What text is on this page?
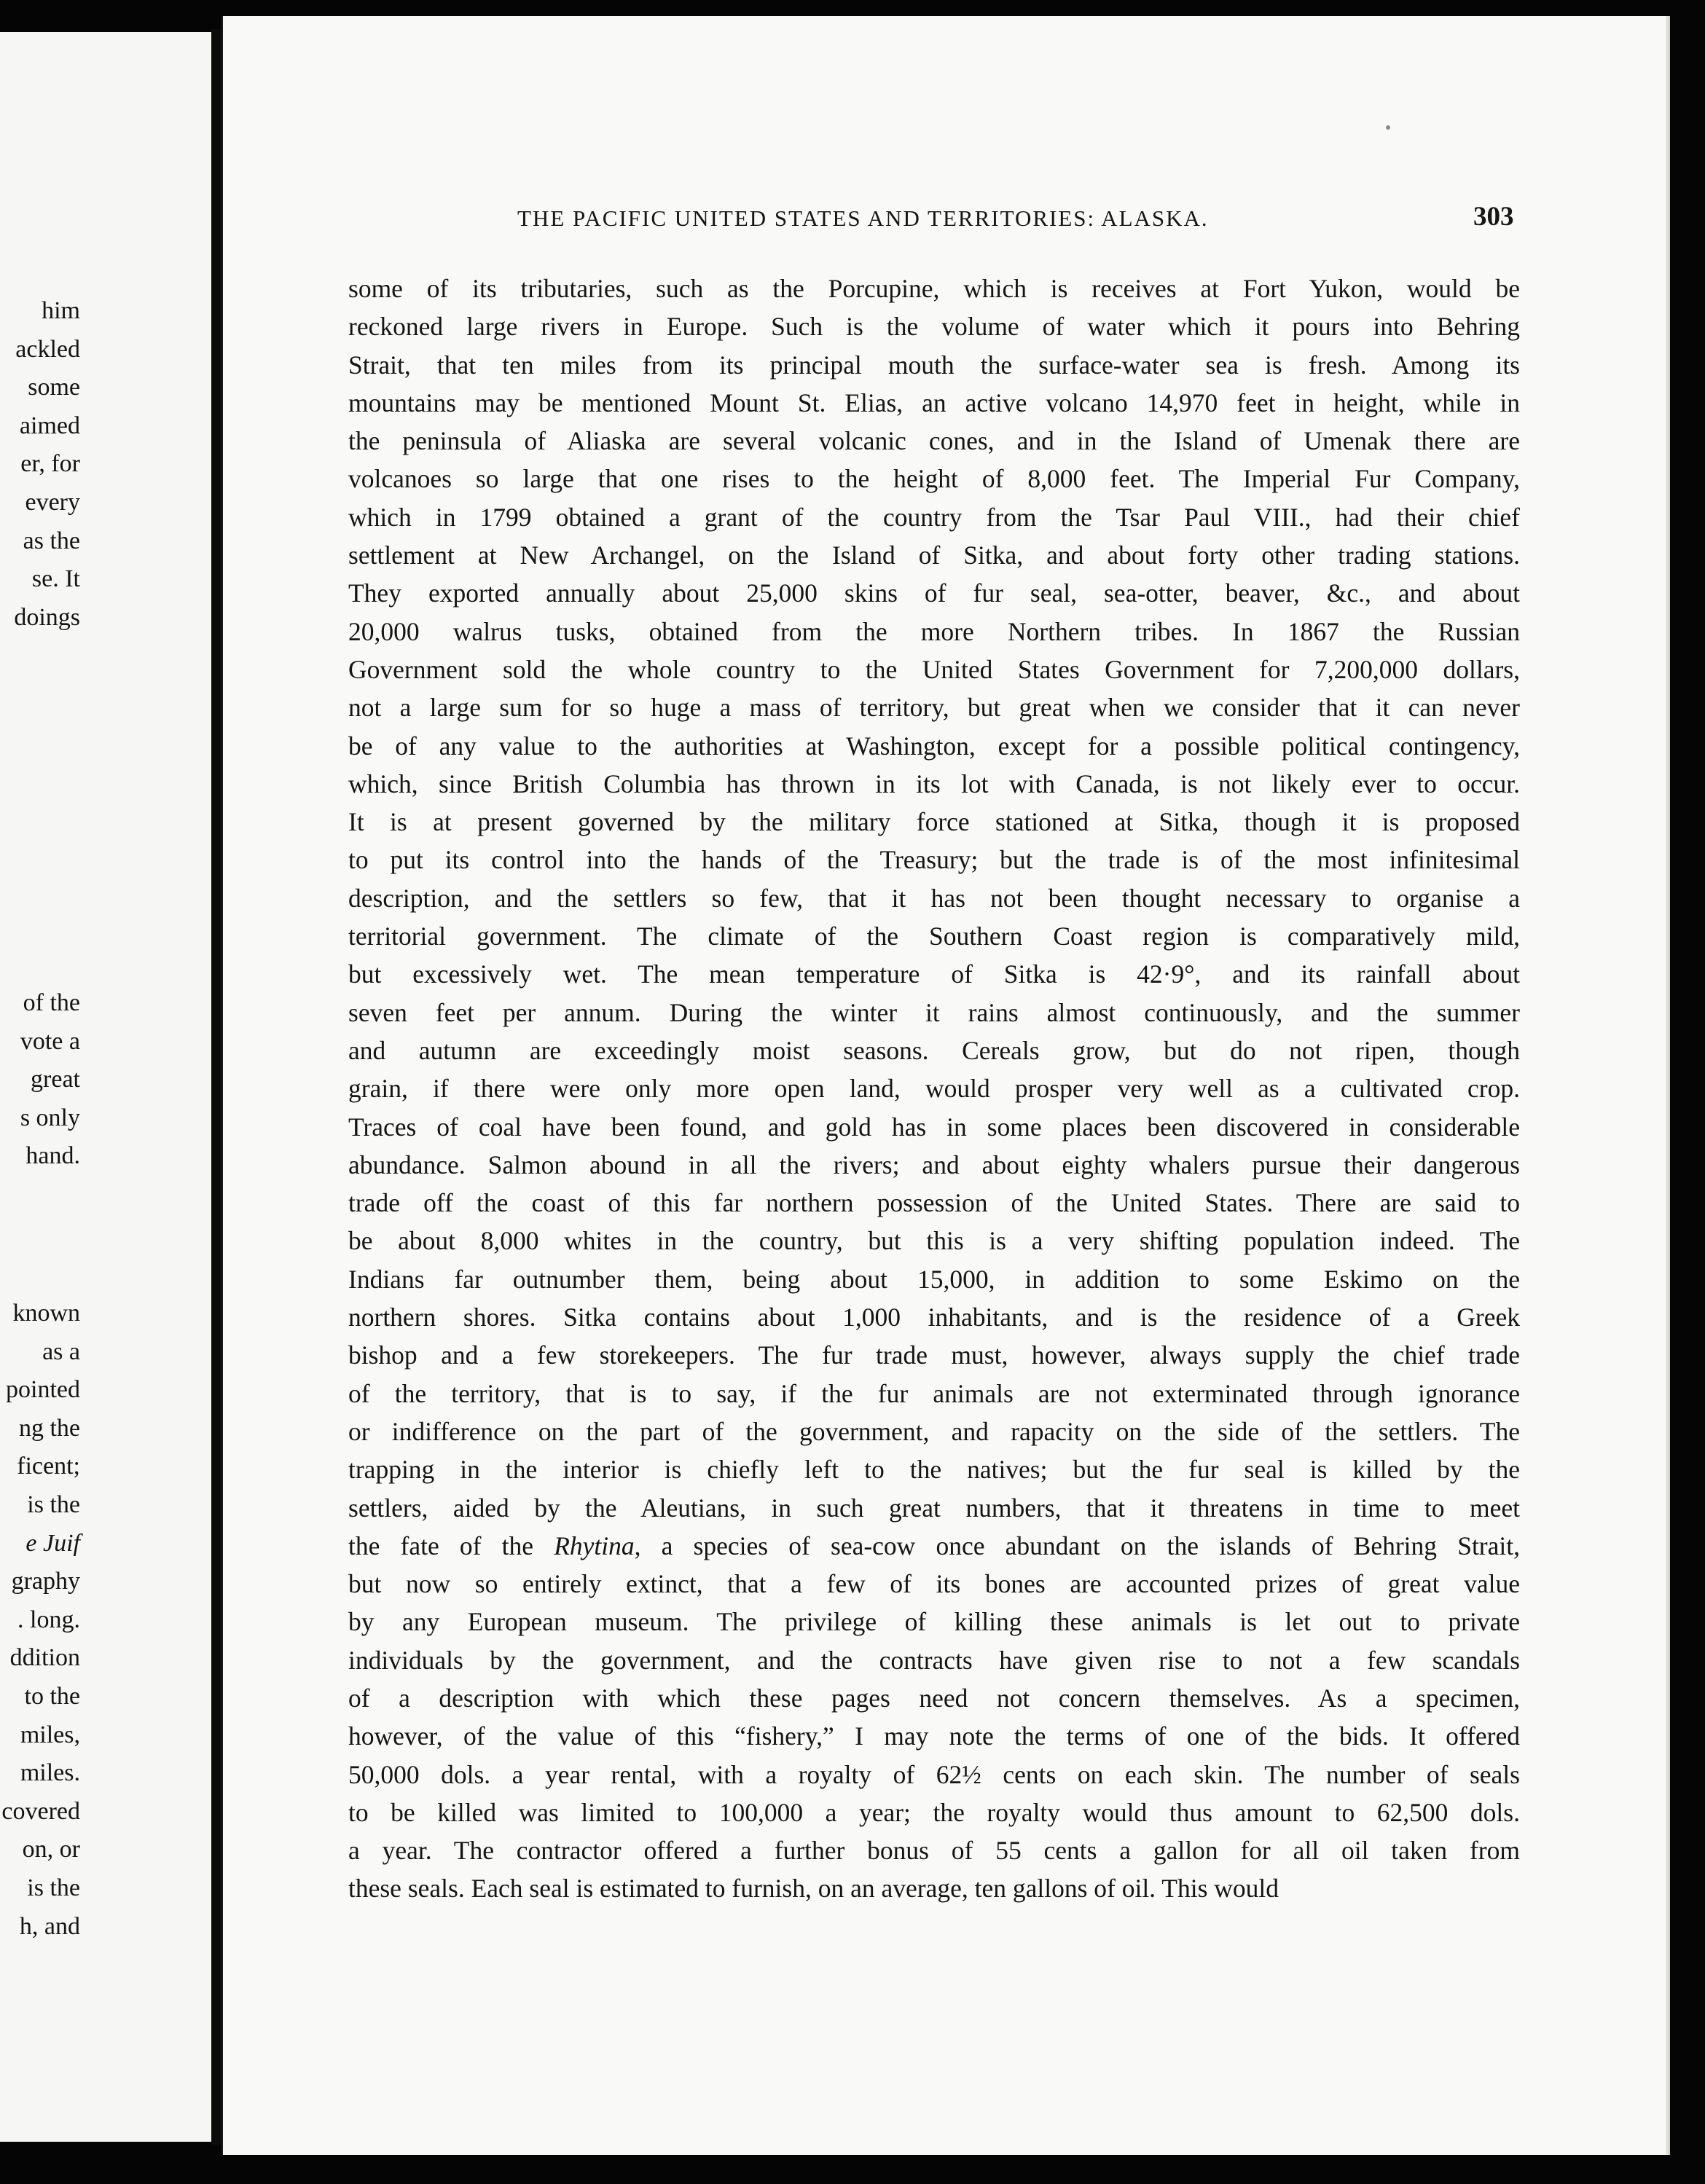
him
ackled
some
aimed
er, for
every
as the
se. It
doings
of the
vote a
great
s only
hand.
known
as a
pointed
ng the
ficent;
is the
e Juif
graphy
. long.
ddition
to the
miles,
miles.
covered
on, or
is the
h, and
THE PACIFIC UNITED STATES AND TERRITORIES: ALASKA.	303
some of its tributaries, such as the Porcupine, which is receives at Fort Yukon, would be
reckoned large rivers in Europe. Such is the volume of water which it pours into Behring
Strait, that ten miles from its principal mouth the surface-water sea is fresh. Among its
mountains may be mentioned Mount St. Elias, an active volcano 14,970 feet in height, while in
the peninsula of Aliaska are several volcanic cones, and in the Island of Umenak there are
volcanoes so large that one rises to the height of 8,000 feet. The Imperial Fur Company,
which in 1799 obtained a grant of the country from the Tsar Paul VIII., had their chief
settlement at New Archangel, on the Island of Sitka, and about forty other trading stations.
They exported annually about 25,000 skins of fur seal, sea-otter, beaver, &c., and about
20,000 walrus tusks, obtained from the more Northern tribes. In 1867 the Russian
Government sold the whole country to the United States Government for 7,200,000 dollars,
not a large sum for so huge a mass of territory, but great when we consider that it can never
be of any value to the authorities at Washington, except for a possible political contingency,
which, since British Columbia has thrown in its lot with Canada, is not likely ever to occur.
It is at present governed by the military force stationed at Sitka, though it is proposed
to put its control into the hands of the Treasury; but the trade is of the most infinitesimal
description, and the settlers so few, that it has not been thought necessary to organise a
territorial government. The climate of the Southern Coast region is comparatively mild,
but excessively wet. The mean temperature of Sitka is 42·9°, and its rainfall about
seven feet per annum. During the winter it rains almost continuously, and the summer
and autumn are exceedingly moist seasons. Cereals grow, but do not ripen, though
grain, if there were only more open land, would prosper very well as a cultivated crop.
Traces of coal have been found, and gold has in some places been discovered in considerable
abundance. Salmon abound in all the rivers; and about eighty whalers pursue their dangerous
trade off the coast of this far northern possession of the United States. There are said to
be about 8,000 whites in the country, but this is a very shifting population indeed. The
Indians far outnumber them, being about 15,000, in addition to some Eskimo on the
northern shores. Sitka contains about 1,000 inhabitants, and is the residence of a Greek
bishop and a few storekeepers. The fur trade must, however, always supply the chief trade
of the territory, that is to say, if the fur animals are not exterminated through ignorance
or indifference on the part of the government, and rapacity on the side of the settlers. The
trapping in the interior is chiefly left to the natives; but the fur seal is killed by the
settlers, aided by the Aleutians, in such great numbers, that it threatens in time to meet
the fate of the Rhytina, a species of sea-cow once abundant on the islands of Behring Strait,
but now so entirely extinct, that a few of its bones are accounted prizes of great value
by any European museum. The privilege of killing these animals is let out to private
individuals by the government, and the contracts have given rise to not a few scandals
of a description with which these pages need not concern themselves. As a specimen,
however, of the value of this “fishery,” I may note the terms of one of the bids. It offered
50,000 dols. a year rental, with a royalty of 62½ cents on each skin. The number of seals
to be killed was limited to 100,000 a year; the royalty would thus amount to 62,500 dols.
a year. The contractor offered a further bonus of 55 cents a gallon for all oil taken from
these seals. Each seal is estimated to furnish, on an average, ten gallons of oil. This would
